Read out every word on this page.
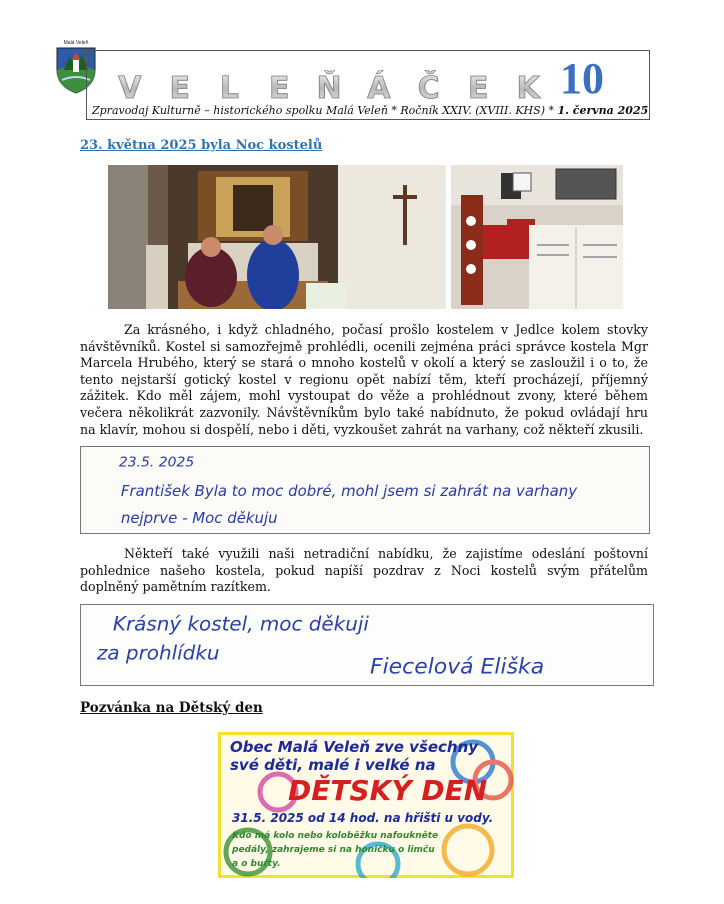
Malá Veleň
V E L E Ň Á Č E K 10
Zpravodaj Kulturně – historického spolku Malá Veleň * Ročník XXIV. (XVIII. KHS) * 1. června 2025
23. května 2025 byla Noc kostelů

Za krásného, i když chladného, počasí prošlo kostelem v Jedlce kolem stovky návštěvníků. Kostel si samozřejmě prohlédli, ocenili zejména práci správce kostela Mgr Marcela Hrubého, který se stará o mnoho kostelů v okolí a který se zasloužil i o to, že tento nejstarší gotický kostel v regionu opět nabízí těm, kteří procházejí, příjemný zážitek. Kdo měl zájem, mohl vystoupat do věže a prohlédnout zvony, které během večera několikrát zazvonily. Návštěvníkům bylo také nabídnuto, že pokud ovládají hru na klavír, mohou si dospělí, nebo i děti, vyzkoušet zahrát na varhany, což někteří zkusili.

23.5. 2025
František Byla to moc dobré, mohl jsem si zahrát na varhany
nejprve - Moc děkuju

Někteří také využili naši netradiční nabídku, že zajistíme odeslání poštovní pohlednice našeho kostela, pokud napíší pozdrav z Noci kostelů svým přátelům doplněný pamětním razítkem.

Krásný kostel, moc děkuji
za prohlídku
Fiecelová Eliška
Pozvánka na Dětský den
Obec Malá Veleň zve všechny
své děti, malé i velké na
DĚTSKÝ DEN
31.5. 2025 od 14 hod. na hřišti u vody.
Kdo má kolo nebo koloběžku nafoukněte
pedály, zahrajeme si na honičku o limču
a o buřty.
